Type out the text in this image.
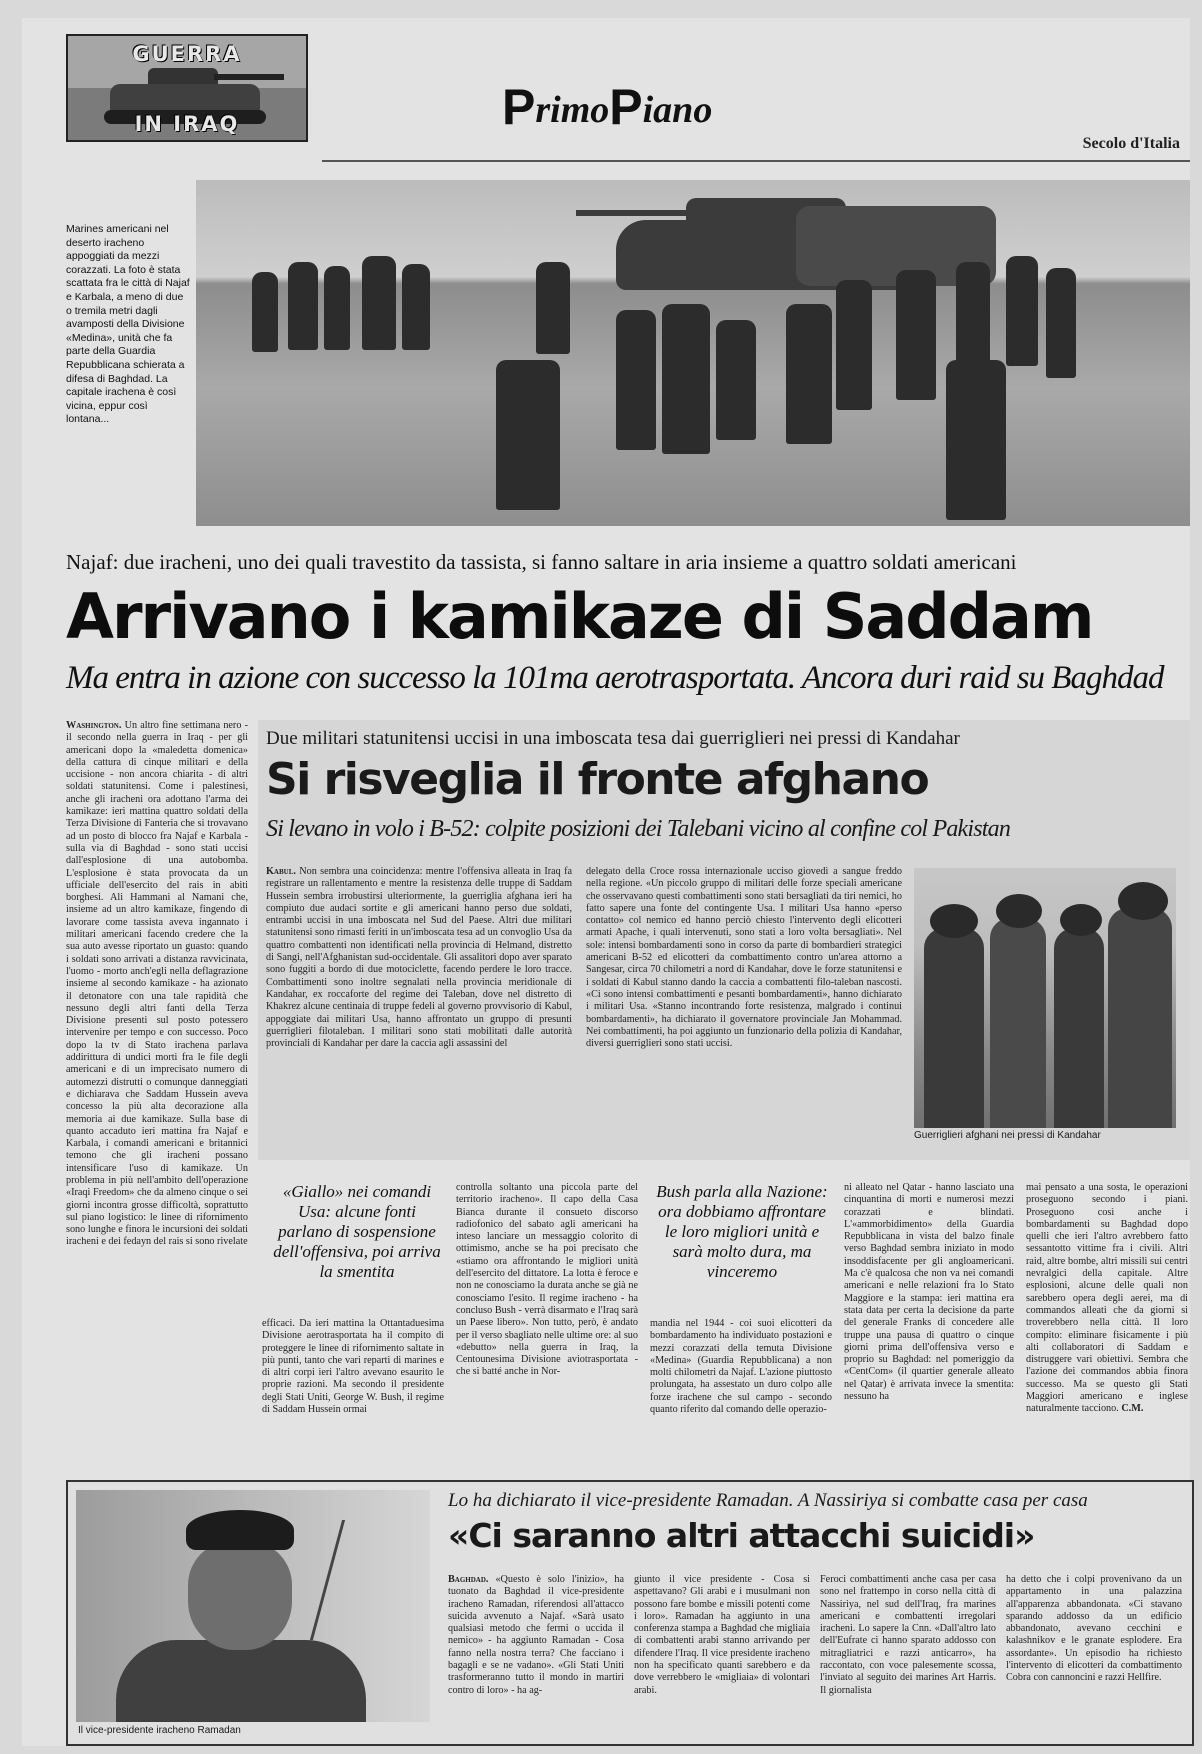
GUERRA
IN IRAQ	P rimo P iano
Secolo d'Italia
Marines americani nel deserto iracheno appoggiati da mezzi corazzati. La foto è stata scattata fra le città di Najaf e Karbala, a meno di due o tremila metri dagli avamposti della Divisione «Medina», unità che fa parte della Guardia Repubblicana schierata a difesa di Baghdad. La capitale irachena è così vicina, eppur così lontana...
Najaf: due iracheni, uno dei quali travestito da tassista, si fanno saltare in aria insieme a quattro soldati americani
Arrivano i kamikaze di Saddam
Ma entra in azione con successo la 101ma aerotrasportata. Ancora duri raid su Baghdad
Washington. Un altro fine settimana nero - il secondo nella guerra in Iraq - per gli americani dopo la «maledetta domenica» della cattura di cinque militari e della uccisione - non ancora chiarita - di altri soldati statunitensi. Come i palestinesi, anche gli iracheni ora adottano l'arma dei kamikaze: ieri mattina quattro soldati della Terza Divisione di Fanteria che si trovavano ad un posto di blocco fra Najaf e Karbala - sulla via di Baghdad - sono stati uccisi dall'esplosione di una autobomba. L'esplosione è stata provocata da un ufficiale dell'esercito del rais in abiti borghesi. Ali Hammani al Namani che, insieme ad un altro kamikaze, fingendo di lavorare come tassista aveva ingannato i militari americani facendo credere che la sua auto avesse riportato un guasto: quando i soldati sono arrivati a distanza ravvicinata, l'uomo - morto anch'egli nella deflagrazione insieme al secondo kamikaze - ha azionato il detonatore con una tale rapidità che nessuno degli altri fanti della Terza Divisione presenti sul posto potessero intervenire per tempo e con successo. Poco dopo la tv di Stato irachena parlava addirittura di undici morti fra le file degli americani e di un imprecisato numero di automezzi distrutti o comunque danneggiati e dichiarava che Saddam Hussein aveva concesso la più alta decorazione alla memoria ai due kamikaze. Sulla base di quanto accaduto ieri mattina fra Najaf e Karbala, i comandi americani e britannici temono che gli iracheni possano intensificare l'uso di kamikaze. Un problema in più nell'ambito dell'operazione «Iraqi Freedom» che da almeno cinque o sei giorni incontra grosse difficoltà, soprattutto sul piano logistico: le linee di rifornimento sono lunghe e finora le incursioni dei soldati iracheni e dei fedayn del rais si sono rivelate
Due militari statunitensi uccisi in una imboscata tesa dai guerriglieri nei pressi di Kandahar
Si risveglia il fronte afghano
Si levano in volo i B-52: colpite posizioni dei Talebani vicino al confine col Pakistan
Kabul. Non sembra una coincidenza: mentre l'offensiva alleata in Iraq fa registrare un rallentamento e mentre la resistenza delle truppe di Saddam Hussein sembra irrobustirsi ulteriormente, la guerriglia afghana ieri ha compiuto due audaci sortite e gli americani hanno perso due soldati, entrambi uccisi in una imboscata nel Sud del Paese. Altri due militari statunitensi sono rimasti feriti in un'imboscata tesa ad un convoglio Usa da quattro combattenti non identificati nella provincia di Helmand, distretto di Sangi, nell'Afghanistan sud-occidentale. Gli assalitori dopo aver sparato sono fuggiti a bordo di due motociclette, facendo perdere le loro tracce. Combattimenti sono inoltre segnalati nella provincia meridionale di Kandahar, ex roccaforte del regime dei Taleban, dove nel distretto di Khakrez alcune centinaia di truppe fedeli al governo provvisorio di Kabul, appoggiate dai militari Usa, hanno affrontato un gruppo di presunti guerriglieri filotaleban. I militari sono stati mobilitati dalle autorità provinciali di Kandahar per dare la caccia agli assassini del
delegato della Croce rossa internazionale ucciso giovedì a sangue freddo nella regione. «Un piccolo gruppo di militari delle forze speciali americane che osservavano questi combattimenti sono stati bersagliati da tiri nemici, ho fatto sapere una fonte del contingente Usa. I militari Usa hanno «perso contatto» col nemico ed hanno perciò chiesto l'intervento degli elicotteri armati Apache, i quali intervenuti, sono stati a loro volta bersagliati». Nel sole: intensi bombardamenti sono in corso da parte di bombardieri strategici americani B-52 ed elicotteri da combattimento contro un'area attorno a Sangesar, circa 70 chilometri a nord di Kandahar, dove le forze statunitensi e i soldati di Kabul stanno dando la caccia a combattenti filo-taleban nascosti. «Ci sono intensi combattimenti e pesanti bombardamenti», hanno dichiarato i militari Usa. «Stanno incontrando forte resistenza, malgrado i continui bombardamenti», ha dichiarato il governatore provinciale Jan Mohammad. Nei combattimenti, ha poi aggiunto un funzionario della polizia di Kandahar, diversi guerriglieri sono stati uccisi.
Guerriglieri afghani nei pressi di Kandahar
«Giallo» nei comandi Usa: alcune fonti parlano di sospensione dell'offensiva, poi arriva la smentita
Bush parla alla Nazione: ora dobbiamo affrontare le loro migliori unità e sarà molto dura, ma vinceremo
efficaci. Da ieri mattina la Ottantaduesima Divisione aerotrasportata ha il compito di proteggere le linee di rifornimento saltate in più punti, tanto che vari reparti di marines e di altri corpi ieri l'altro avevano esaurito le proprie razioni. Ma secondo il presidente degli Stati Uniti, George W. Bush, il regime di Saddam Hussein ormai
controlla soltanto una piccola parte del territorio iracheno». Il capo della Casa Bianca durante il consueto discorso radiofonico del sabato agli americani ha inteso lanciare un messaggio colorito di ottimismo, anche se ha poi precisato che «stiamo ora affrontando le migliori unità dell'esercito del dittatore. La lotta è feroce e non ne conosciamo la durata anche se già ne conosciamo l'esito. Il regime iracheno - ha concluso Bush - verrà disarmato e l'Iraq sarà un Paese libero». Non tutto, però, è andato per il verso sbagliato nelle ultime ore: al suo «debutto» nella guerra in Iraq, la Centounesima Divisione aviotrasportata - che si batté anche in Nor-
mandia nel 1944 - coi suoi elicotteri da bombardamento ha individuato postazioni e mezzi corazzati della temuta Divisione «Medina» (Guardia Repubblicana) a non molti chilometri da Najaf. L'azione piuttosto prolungata, ha assestato un duro colpo alle forze irachene che sul campo - secondo quanto riferito dal comando delle operazio-
ni alleato nel Qatar - hanno lasciato una cinquantina di morti e numerosi mezzi corazzati e blindati. L'«ammorbidimento» della Guardia Repubblicana in vista del balzo finale verso Baghdad sembra iniziato in modo insoddisfacente per gli angloamericani. Ma c'è qualcosa che non va nei comandi americani e nelle relazioni fra lo Stato Maggiore e la stampa: ieri mattina era stata data per certa la decisione da parte del generale Franks di concedere alle truppe una pausa di quattro o cinque giorni prima dell'offensiva verso e proprio su Baghdad: nel pomeriggio da «CentCom» (il quartier generale alleato nel Qatar) è arrivata invece la smentita: nessuno ha
mai pensato a una sosta, le operazioni proseguono secondo i piani. Proseguono così anche i bombardamenti su Baghdad dopo quelli che ieri l'altro avrebbero fatto sessantotto vittime fra i civili. Altri raid, altre bombe, altri missili sui centri nevralgici della capitale. Altre esplosioni, alcune delle quali non sarebbero opera degli aerei, ma di commandos alleati che da giorni si troverebbero nella città. Il loro compito: eliminare fisicamente i più alti collaboratori di Saddam e distruggere vari obiettivi. Sembra che l'azione dei commandos abbia finora successo. Ma se questo gli Stati Maggiori americano e inglese naturalmente tacciono. C.M.
Il vice-presidente iracheno Ramadan
Lo ha dichiarato il vice-presidente Ramadan. A Nassiriya si combatte casa per casa
«Ci saranno altri attacchi suicidi»
Baghdad. «Questo è solo l'inizio», ha tuonato da Baghdad il vice-presidente iracheno Ramadan, riferendosi all'attacco suicida avvenuto a Najaf. «Sarà usato qualsiasi metodo che fermi o uccida il nemico» - ha aggiunto Ramadan - Cosa fanno nella nostra terra? Che facciano i bagagli e se ne vadano». «Gli Stati Uniti trasformeranno tutto il mondo in martiri contro di loro» - ha ag-
giunto il vice presidente - Cosa si aspettavano? Gli arabi e i musulmani non possono fare bombe e missili potenti come i loro». Ramadan ha aggiunto in una conferenza stampa a Baghdad che migliaia di combattenti arabi stanno arrivando per difendere l'Iraq. Il vice presidente iracheno non ha specificato quanti sarebbero e da dove verrebbero le «migliaia» di volontari arabi.
Feroci combattimenti anche casa per casa sono nel frattempo in corso nella città di Nassiriya, nel sud dell'Iraq, fra marines americani e combattenti irregolari iracheni. Lo sapere la Cnn. «Dall'altro lato dell'Eufrate ci hanno sparato addosso con mitragliatrici e razzi anticarro», ha raccontato, con voce palesemente scossa, l'inviato al seguito dei marines Art Harris. Il giornalista
ha detto che i colpi provenivano da un appartamento in una palazzina all'apparenza abbandonata. «Ci stavano sparando addosso da un edificio abbandonato, avevano cecchini e kalashnikov e le granate esplodere. Era assordante». Un episodio ha richiesto l'intervento di elicotteri da combattimento Cobra con cannoncini e razzi Hellfire.
